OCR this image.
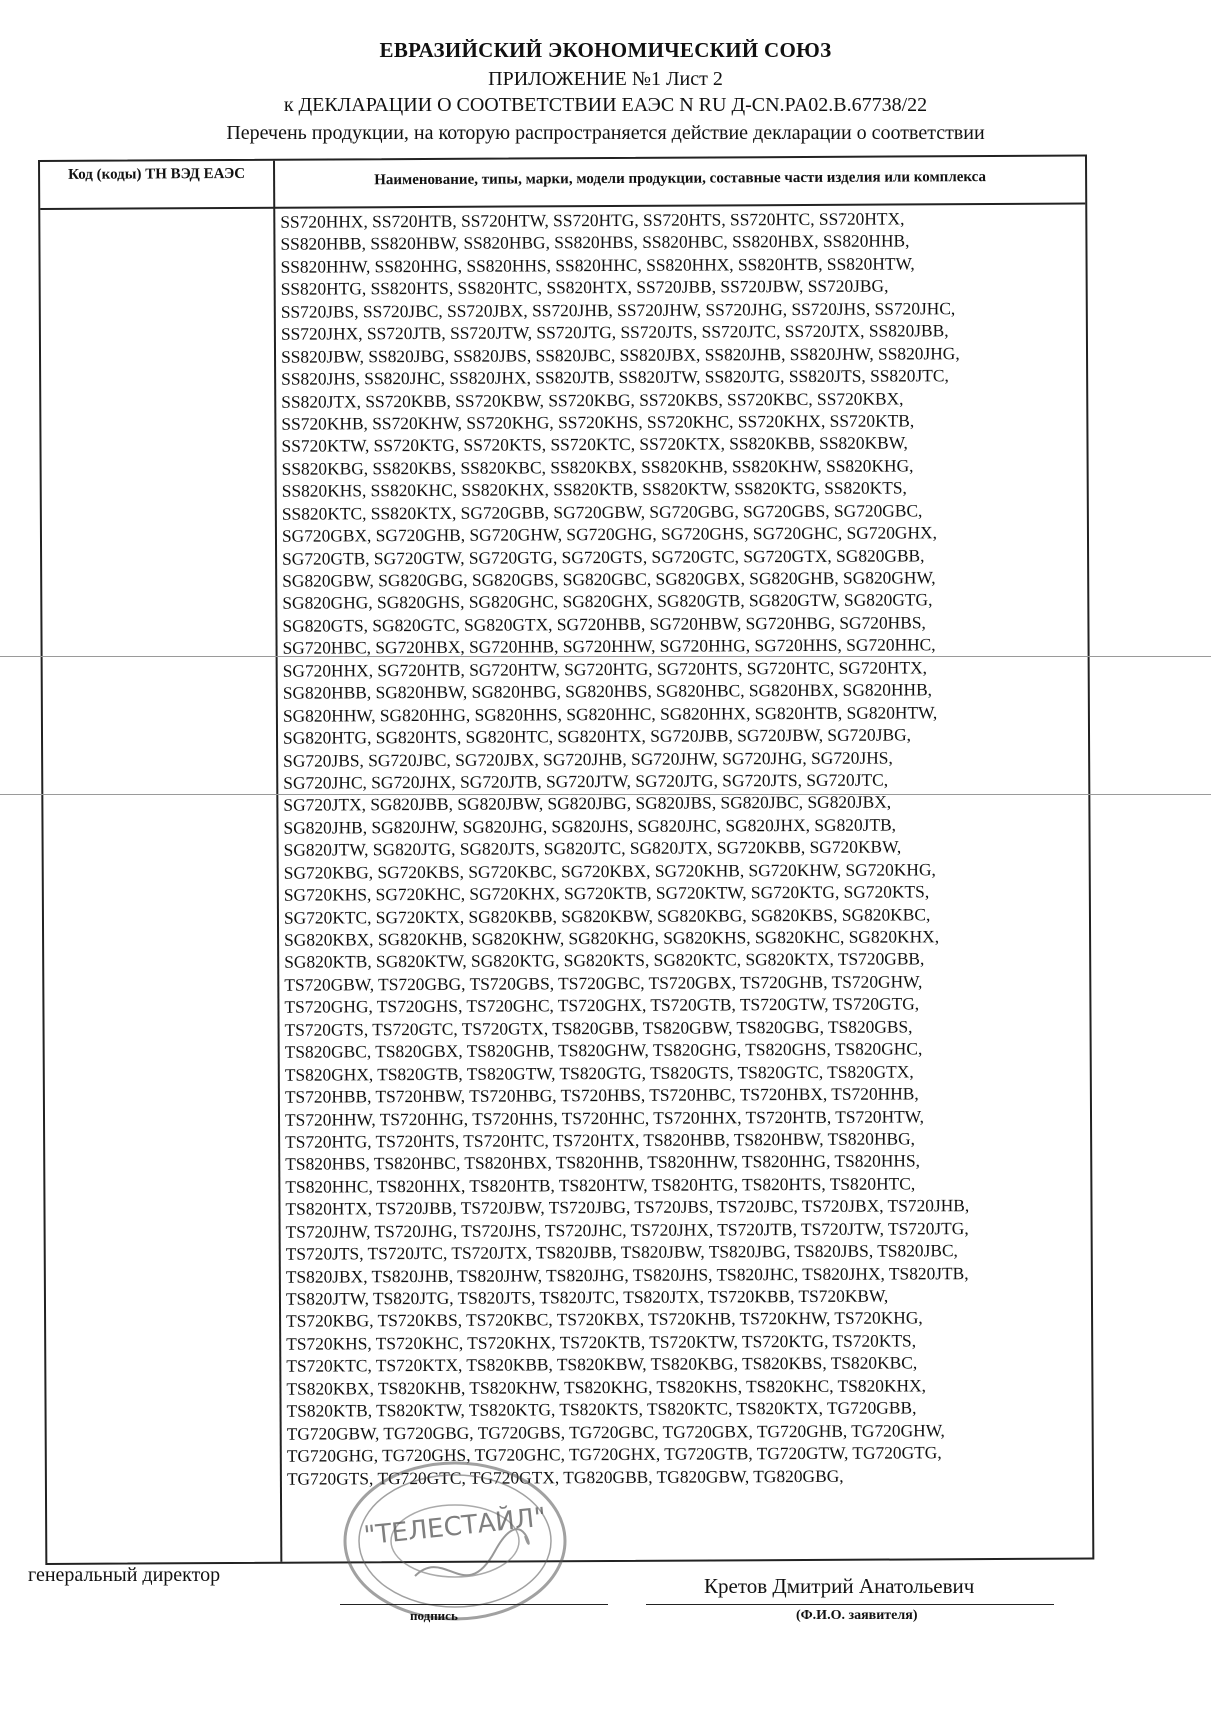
ЕВРАЗИЙСКИЙ ЭКОНОМИЧЕСКИЙ СОЮЗ
ПРИЛОЖЕНИЕ №1 Лист 2
к ДЕКЛАРАЦИИ О СООТВЕТСТВИИ ЕАЭС N RU Д-CN.PA02.B.67738/22
Перечень продукции, на которую распространяется действие декларации о соответствии
Код (коды) ТН ВЭД ЕАЭС	Наименование, типы, марки, модели продукции, составные части изделия или комплекса
SS720HHX, SS720HTB, SS720HTW, SS720HTG, SS720HTS, SS720HTC, SS720HTX,
SS820HBB, SS820HBW, SS820HBG, SS820HBS, SS820HBC, SS820HBX, SS820HHB,
SS820HHW, SS820HHG, SS820HHS, SS820HHC, SS820HHX, SS820HTB, SS820HTW,
SS820HTG, SS820HTS, SS820HTC, SS820HTX, SS720JBB, SS720JBW, SS720JBG,
SS720JBS, SS720JBC, SS720JBX, SS720JHB, SS720JHW, SS720JHG, SS720JHS, SS720JHC,
SS720JHX, SS720JTB, SS720JTW, SS720JTG, SS720JTS, SS720JTC, SS720JTX, SS820JBB,
SS820JBW, SS820JBG, SS820JBS, SS820JBC, SS820JBX, SS820JHB, SS820JHW, SS820JHG,
SS820JHS, SS820JHC, SS820JHX, SS820JTB, SS820JTW, SS820JTG, SS820JTS, SS820JTC,
SS820JTX, SS720KBB, SS720KBW, SS720KBG, SS720KBS, SS720KBC, SS720KBX,
SS720KHB, SS720KHW, SS720KHG, SS720KHS, SS720KHC, SS720KHX, SS720KTB,
SS720KTW, SS720KTG, SS720KTS, SS720KTC, SS720KTX, SS820KBB, SS820KBW,
SS820KBG, SS820KBS, SS820KBC, SS820KBX, SS820KHB, SS820KHW, SS820KHG,
SS820KHS, SS820KHC, SS820KHX, SS820KTB, SS820KTW, SS820KTG, SS820KTS,
SS820KTC, SS820KTX, SG720GBB, SG720GBW, SG720GBG, SG720GBS, SG720GBC,
SG720GBX, SG720GHB, SG720GHW, SG720GHG, SG720GHS, SG720GHC, SG720GHX,
SG720GTB, SG720GTW, SG720GTG, SG720GTS, SG720GTC, SG720GTX, SG820GBB,
SG820GBW, SG820GBG, SG820GBS, SG820GBC, SG820GBX, SG820GHB, SG820GHW,
SG820GHG, SG820GHS, SG820GHC, SG820GHX, SG820GTB, SG820GTW, SG820GTG,
SG820GTS, SG820GTC, SG820GTX, SG720HBB, SG720HBW, SG720HBG, SG720HBS,
SG720HBC, SG720HBX, SG720HHB, SG720HHW, SG720HHG, SG720HHS, SG720HHC,
SG720HHX, SG720HTB, SG720HTW, SG720HTG, SG720HTS, SG720HTC, SG720HTX,
SG820HBB, SG820HBW, SG820HBG, SG820HBS, SG820HBC, SG820HBX, SG820HHB,
SG820HHW, SG820HHG, SG820HHS, SG820HHC, SG820HHX, SG820HTB, SG820HTW,
SG820HTG, SG820HTS, SG820HTC, SG820HTX, SG720JBB, SG720JBW, SG720JBG,
SG720JBS, SG720JBC, SG720JBX, SG720JHB, SG720JHW, SG720JHG, SG720JHS,
SG720JHC, SG720JHX, SG720JTB, SG720JTW, SG720JTG, SG720JTS, SG720JTC,
SG720JTX, SG820JBB, SG820JBW, SG820JBG, SG820JBS, SG820JBC, SG820JBX,
SG820JHB, SG820JHW, SG820JHG, SG820JHS, SG820JHC, SG820JHX, SG820JTB,
SG820JTW, SG820JTG, SG820JTS, SG820JTC, SG820JTX, SG720KBB, SG720KBW,
SG720KBG, SG720KBS, SG720KBC, SG720KBX, SG720KHB, SG720KHW, SG720KHG,
SG720KHS, SG720KHC, SG720KHX, SG720KTB, SG720KTW, SG720KTG, SG720KTS,
SG720KTC, SG720KTX, SG820KBB, SG820KBW, SG820KBG, SG820KBS, SG820KBC,
SG820KBX, SG820KHB, SG820KHW, SG820KHG, SG820KHS, SG820KHC, SG820KHX,
SG820KTB, SG820KTW, SG820KTG, SG820KTS, SG820KTC, SG820KTX, TS720GBB,
TS720GBW, TS720GBG, TS720GBS, TS720GBC, TS720GBX, TS720GHB, TS720GHW,
TS720GHG, TS720GHS, TS720GHC, TS720GHX, TS720GTB, TS720GTW, TS720GTG,
TS720GTS, TS720GTC, TS720GTX, TS820GBB, TS820GBW, TS820GBG, TS820GBS,
TS820GBC, TS820GBX, TS820GHB, TS820GHW, TS820GHG, TS820GHS, TS820GHC,
TS820GHX, TS820GTB, TS820GTW, TS820GTG, TS820GTS, TS820GTC, TS820GTX,
TS720HBB, TS720HBW, TS720HBG, TS720HBS, TS720HBC, TS720HBX, TS720HHB,
TS720HHW, TS720HHG, TS720HHS, TS720HHC, TS720HHX, TS720HTB, TS720HTW,
TS720HTG, TS720HTS, TS720HTC, TS720HTX, TS820HBB, TS820HBW, TS820HBG,
TS820HBS, TS820HBC, TS820HBX, TS820HHB, TS820HHW, TS820HHG, TS820HHS,
TS820HHC, TS820HHX, TS820HTB, TS820HTW, TS820HTG, TS820HTS, TS820HTC,
TS820HTX, TS720JBB, TS720JBW, TS720JBG, TS720JBS, TS720JBC, TS720JBX, TS720JHB,
TS720JHW, TS720JHG, TS720JHS, TS720JHC, TS720JHX, TS720JTB, TS720JTW, TS720JTG,
TS720JTS, TS720JTC, TS720JTX, TS820JBB, TS820JBW, TS820JBG, TS820JBS, TS820JBC,
TS820JBX, TS820JHB, TS820JHW, TS820JHG, TS820JHS, TS820JHC, TS820JHX, TS820JTB,
TS820JTW, TS820JTG, TS820JTS, TS820JTC, TS820JTX, TS720KBB, TS720KBW,
TS720KBG, TS720KBS, TS720KBC, TS720KBX, TS720KHB, TS720KHW, TS720KHG,
TS720KHS, TS720KHC, TS720KHX, TS720KTB, TS720KTW, TS720KTG, TS720KTS,
TS720KTC, TS720KTX, TS820KBB, TS820KBW, TS820KBG, TS820KBS, TS820KBC,
TS820KBX, TS820KHB, TS820KHW, TS820KHG, TS820KHS, TS820KHC, TS820KHX,
TS820KTB, TS820KTW, TS820KTG, TS820KTS, TS820KTC, TS820KTX, TG720GBB,
TG720GBW, TG720GBG, TG720GBS, TG720GBC, TG720GBX, TG720GHB, TG720GHW,
TG720GHG, TG720GHS, TG720GHC, TG720GHX, TG720GTB, TG720GTW, TG720GTG,
TG720GTS, TG720GTC, TG720GTX, TG820GBB, TG820GBW, TG820GBG,
"ТЕЛЕСТАЙЛ"
генеральный директор
подпись
Кретов Дмитрий Анатольевич
(Ф.И.О. заявителя)
